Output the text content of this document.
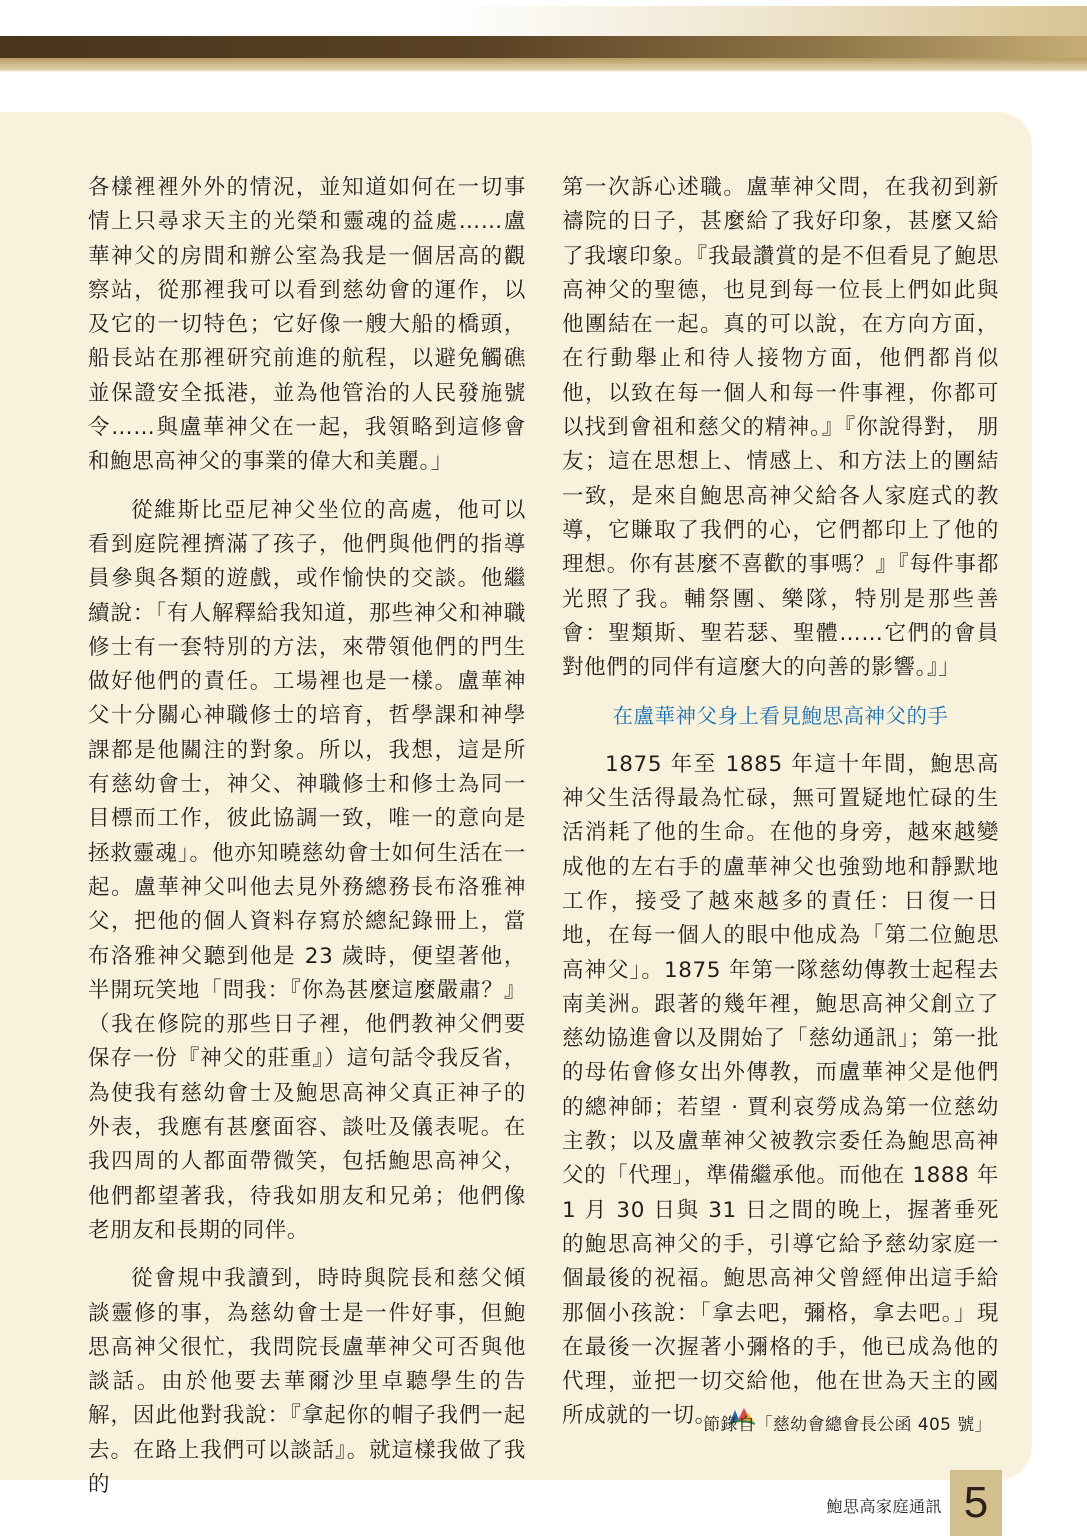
各樣裡裡外外的情況，並知道如何在一切事情上只尋求天主的光榮和靈魂的益處……盧華神父的房間和辦公室為我是一個居高的觀察站，從那裡我可以看到慈幼會的運作，以及它的一切特色；它好像一艘大船的橋頭，船長站在那裡研究前進的航程，以避免觸礁並保證安全抵港，並為他管治的人民發施號令……與盧華神父在一起，我領略到這修會和鮑思高神父的事業的偉大和美麗。」

從維斯比亞尼神父坐位的高處，他可以看到庭院裡擠滿了孩子，他們與他們的指導員參與各類的遊戲，或作愉快的交談。他繼續說：「有人解釋給我知道，那些神父和神職修士有一套特別的方法，來帶領他們的門生做好他們的責任。工場裡也是一樣。盧華神父十分關心神職修士的培育，哲學課和神學課都是他關注的對象。所以，我想，這是所有慈幼會士，神父、神職修士和修士為同一目標而工作，彼此協調一致，唯一的意向是拯救靈魂」。他亦知曉慈幼會士如何生活在一起。盧華神父叫他去見外務總務長布洛雅神父，把他的個人資料存寫於總紀錄冊上，當布洛雅神父聽到他是 23 歲時，便望著他，半開玩笑地「問我：『你為甚麼這麼嚴肅？』（我在修院的那些日子裡，他們教神父們要保存一份『神父的莊重』）這句話令我反省，為使我有慈幼會士及鮑思高神父真正神子的外表，我應有甚麼面容、談吐及儀表呢。在我四周的人都面帶微笑，包括鮑思高神父，他們都望著我，待我如朋友和兄弟；他們像老朋友和長期的同伴。

從會規中我讀到，時時與院長和慈父傾談靈修的事，為慈幼會士是一件好事，但鮑思高神父很忙，我問院長盧華神父可否與他談話。由於他要去華爾沙里卓聽學生的告解，因此他對我說：『拿起你的帽子我們一起去。在路上我們可以談話』。就這樣我做了我的

第一次訴心述職。盧華神父問，在我初到新禱院的日子，甚麼給了我好印象，甚麼又給了我壞印象。『我最讚賞的是不但看見了鮑思高神父的聖德，也見到每一位長上們如此與他團結在一起。真的可以說，在方向方面，在行動舉止和待人接物方面，他們都肖似他，以致在每一個人和每一件事裡，你都可以找到會祖和慈父的精神。』『你說得對， 朋友；這在思想上、情感上、和方法上的團結一致，是來自鮑思高神父給各人家庭式的教導，它賺取了我們的心，它們都印上了他的理想。你有甚麼不喜歡的事嗎？』『每件事都光照了我。輔祭團、樂隊，特別是那些善會：聖類斯、聖若瑟、聖體……它們的會員對他們的同伴有這麼大的向善的影響。』」

在盧華神父身上看見鮑思高神父的手

1875 年至 1885 年這十年間，鮑思高神父生活得最為忙碌，無可置疑地忙碌的生活消耗了他的生命。在他的身旁，越來越變成他的左右手的盧華神父也強勁地和靜默地工作，接受了越來越多的責任：日復一日地，在每一個人的眼中他成為「第二位鮑思高神父」。1875 年第一隊慈幼傳教士起程去南美洲。跟著的幾年裡，鮑思高神父創立了慈幼協進會以及開始了「慈幼通訊」；第一批的母佑會修女出外傳教，而盧華神父是他們的總神師；若望 · 賈利哀勞成為第一位慈幼主教；以及盧華神父被教宗委任為鮑思高神父的「代理」，準備繼承他。而他在 1888 年 1 月 30 日與 31 日之間的晚上，握著垂死的鮑思高神父的手，引導它給予慈幼家庭一個最後的祝福。鮑思高神父曾經伸出這手給那個小孩說：「拿去吧，彌格，拿去吧。」現在最後一次握著小彌格的手，他已成為他的代理，並把一切交給他，他在世為天主的國所成就的一切。

節錄自「慈幼會總會長公函 405 號」
鮑思高家庭通訊 5
